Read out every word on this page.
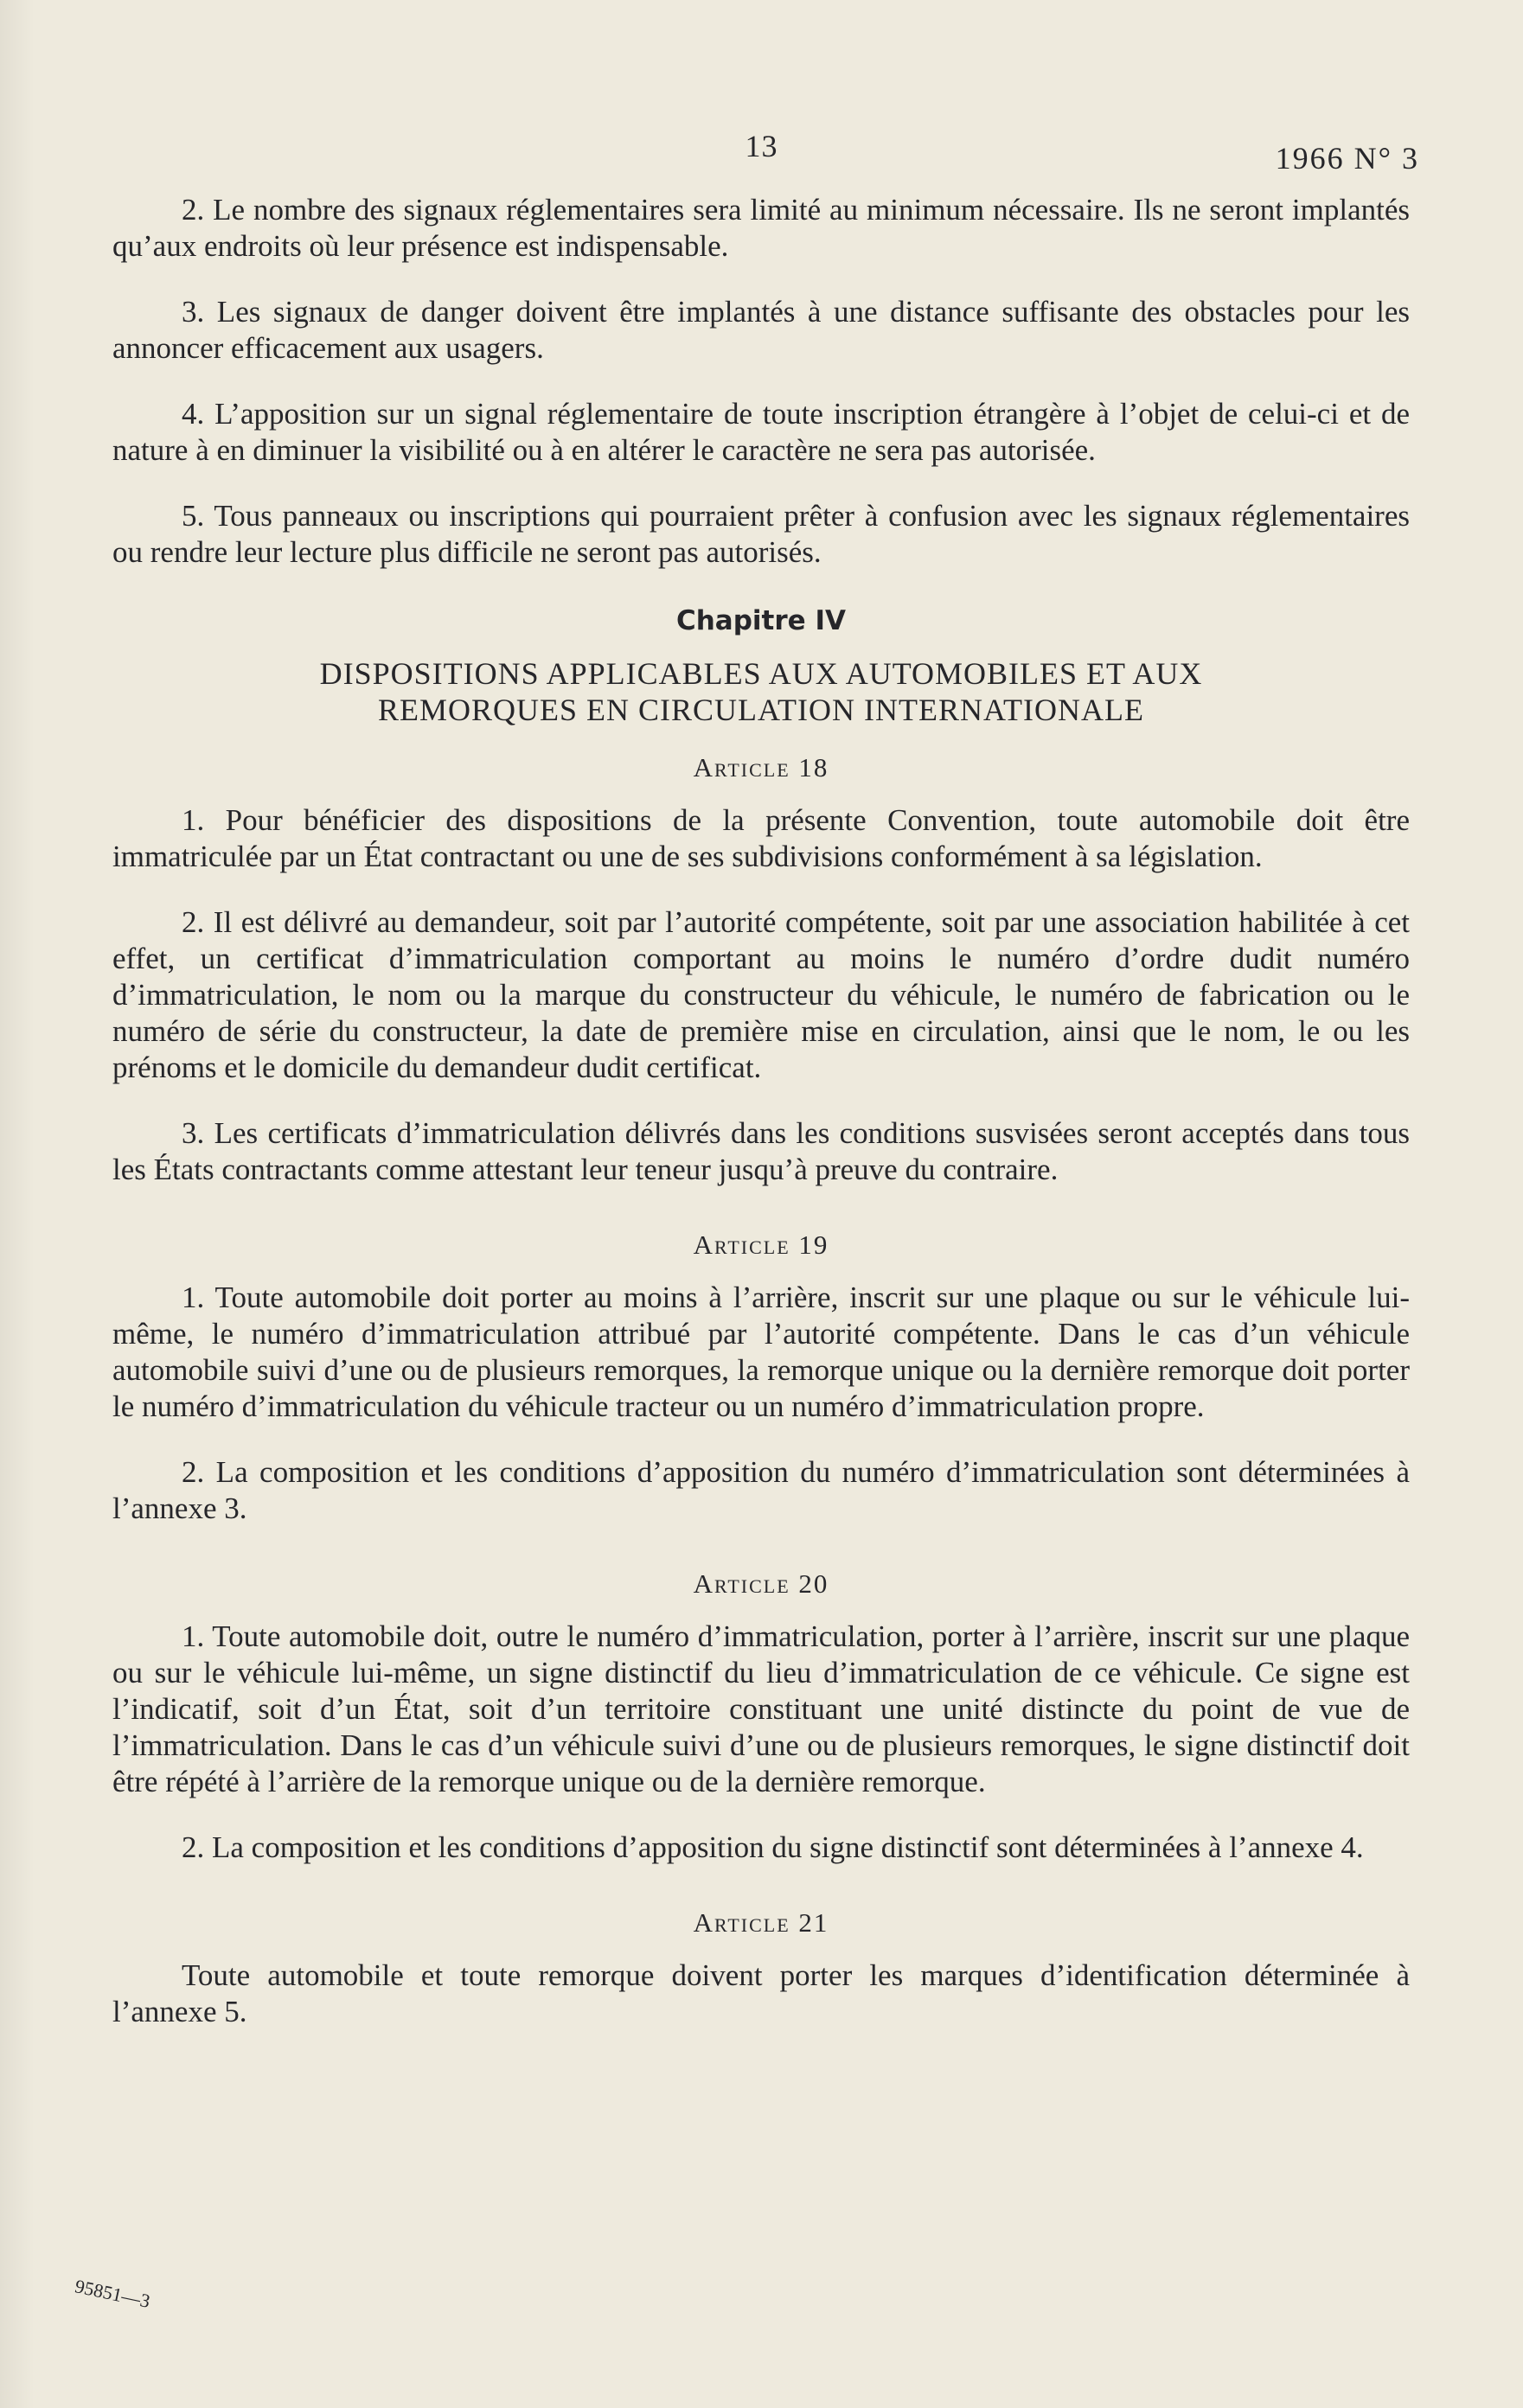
13	1966 N° 3

2. Le nombre des signaux réglementaires sera limité au minimum nécessaire. Ils ne seront implantés qu’aux endroits où leur présence est indispensable.

3. Les signaux de danger doivent être implantés à une distance suffisante des obstacles pour les annoncer efficacement aux usagers.

4. L’apposition sur un signal réglementaire de toute inscription étrangère à l’objet de celui-ci et de nature à en diminuer la visibilité ou à en altérer le caractère ne sera pas autorisée.

5. Tous panneaux ou inscriptions qui pourraient prêter à confusion avec les signaux réglementaires ou rendre leur lecture plus difficile ne seront pas autorisés.

Chapitre IV
DISPOSITIONS APPLICABLES AUX AUTOMOBILES ET AUX
REMORQUES EN CIRCULATION INTERNATIONALE
Article 18

1. Pour bénéficier des dispositions de la présente Convention, toute automobile doit être immatriculée par un État contractant ou une de ses subdivisions conformément à sa législation.

2. Il est délivré au demandeur, soit par l’autorité compétente, soit par une association habilitée à cet effet, un certificat d’immatriculation comportant au moins le numéro d’ordre dudit numéro d’immatriculation, le nom ou la marque du constructeur du véhicule, le numéro de fabrication ou le numéro de série du constructeur, la date de première mise en circulation, ainsi que le nom, le ou les prénoms et le domicile du demandeur dudit certificat.

3. Les certificats d’immatriculation délivrés dans les conditions susvisées seront acceptés dans tous les États contractants comme attestant leur teneur jusqu’à preuve du contraire.

Article 19

1. Toute automobile doit porter au moins à l’arrière, inscrit sur une plaque ou sur le véhicule lui-même, le numéro d’immatriculation attribué par l’autorité compétente. Dans le cas d’un véhicule automobile suivi d’une ou de plusieurs remorques, la remorque unique ou la dernière remorque doit porter le numéro d’immatriculation du véhicule tracteur ou un numéro d’immatriculation propre.

2. La composition et les conditions d’apposition du numéro d’immatriculation sont déterminées à l’annexe 3.

Article 20

1. Toute automobile doit, outre le numéro d’immatriculation, porter à l’arrière, inscrit sur une plaque ou sur le véhicule lui-même, un signe distinctif du lieu d’immatriculation de ce véhicule. Ce signe est l’indicatif, soit d’un État, soit d’un territoire constituant une unité distincte du point de vue de l’immatriculation. Dans le cas d’un véhicule suivi d’une ou de plusieurs remorques, le signe distinctif doit être répété à l’arrière de la remorque unique ou de la dernière remorque.

2. La composition et les conditions d’apposition du signe distinctif sont déterminées à l’annexe 4.

Article 21

Toute automobile et toute remorque doivent porter les marques d’identification déterminée à l’annexe 5.

95851—3
